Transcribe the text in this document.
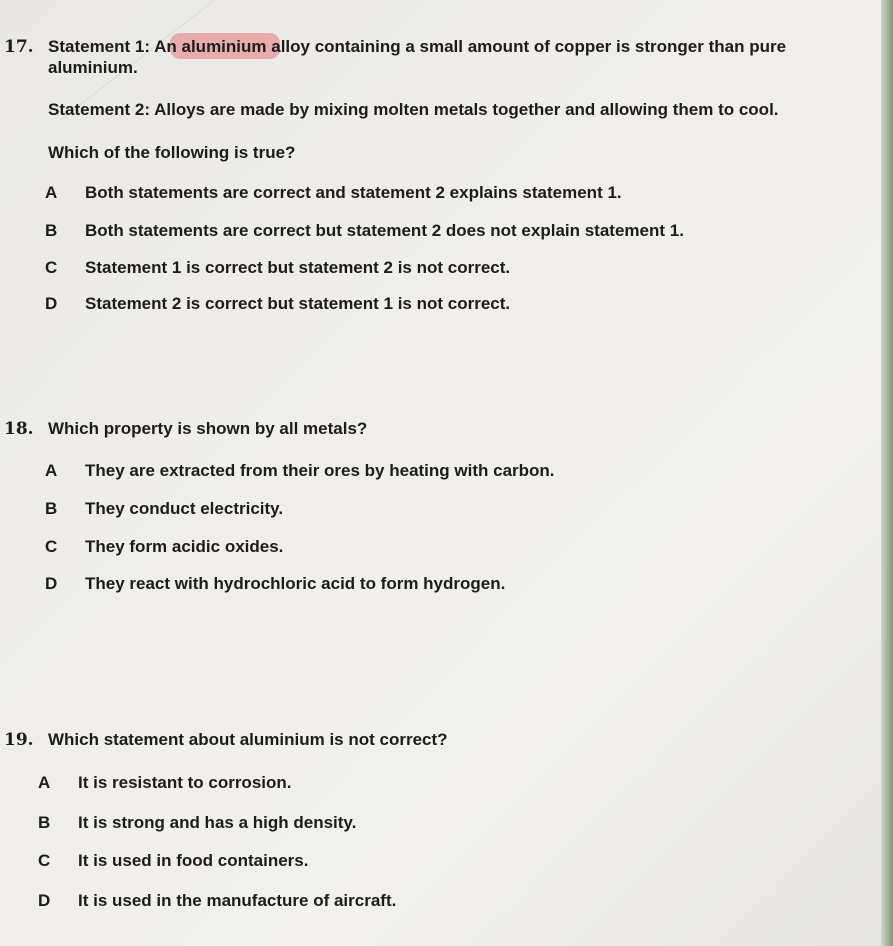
17. Statement 1: An aluminium alloy containing a small amount of copper is stronger than pure
aluminium.
Statement 2: Alloys are made by mixing molten metals together and allowing them to cool.
Which of the following is true?
A Both statements are correct and statement 2 explains statement 1.
B Both statements are correct but statement 2 does not explain statement 1.
C Statement 1 is correct but statement 2 is not correct.
D Statement 2 is correct but statement 1 is not correct.
18. Which property is shown by all metals?
A They are extracted from their ores by heating with carbon.
B They conduct electricity.
C They form acidic oxides.
D They react with hydrochloric acid to form hydrogen.
19. Which statement about aluminium is not correct?
A It is resistant to corrosion.
B It is strong and has a high density.
C It is used in food containers.
D It is used in the manufacture of aircraft.
